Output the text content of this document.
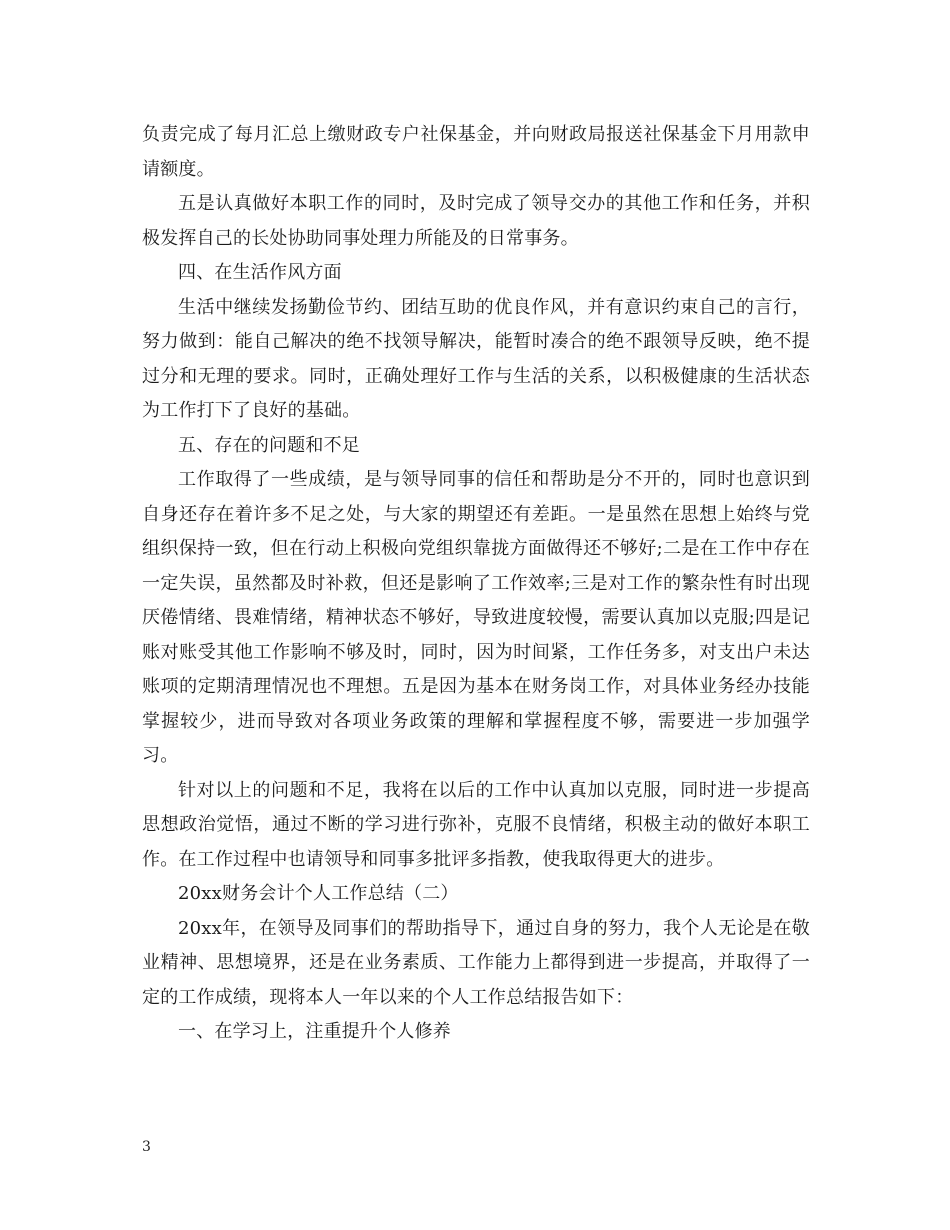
负责完成了每月汇总上缴财政专户社保基金，并向财政局报送社保基金下月用款申请额度。

五是认真做好本职工作的同时，及时完成了领导交办的其他工作和任务，并积极发挥自己的长处协助同事处理力所能及的日常事务。

四、在生活作风方面

生活中继续发扬勤俭节约、团结互助的优良作风，并有意识约束自己的言行，努力做到：能自己解决的绝不找领导解决，能暂时凑合的绝不跟领导反映，绝不提过分和无理的要求。同时，正确处理好工作与生活的关系，以积极健康的生活状态为工作打下了良好的基础。

五、存在的问题和不足

工作取得了一些成绩，是与领导同事的信任和帮助是分不开的，同时也意识到自身还存在着许多不足之处，与大家的期望还有差距。一是虽然在思想上始终与党组织保持一致，但在行动上积极向党组织靠拢方面做得还不够好;二是在工作中存在一定失误，虽然都及时补救，但还是影响了工作效率;三是对工作的繁杂性有时出现厌倦情绪、畏难情绪，精神状态不够好，导致进度较慢，需要认真加以克服;四是记账对账受其他工作影响不够及时，同时，因为时间紧，工作任务多，对支出户未达账项的定期清理情况也不理想。五是因为基本在财务岗工作，对具体业务经办技能掌握较少，进而导致对各项业务政策的理解和掌握程度不够，需要进一步加强学习。

针对以上的问题和不足，我将在以后的工作中认真加以克服，同时进一步提高思想政治觉悟，通过不断的学习进行弥补，克服不良情绪，积极主动的做好本职工作。在工作过程中也请领导和同事多批评多指教，使我取得更大的进步。

20xx财务会计个人工作总结（二）

20xx年，在领导及同事们的帮助指导下，通过自身的努力，我个人无论是在敬业精神、思想境界，还是在业务素质、工作能力上都得到进一步提高，并取得了一定的工作成绩，现将本人一年以来的个人工作总结报告如下：

一、在学习上，注重提升个人修养

3
